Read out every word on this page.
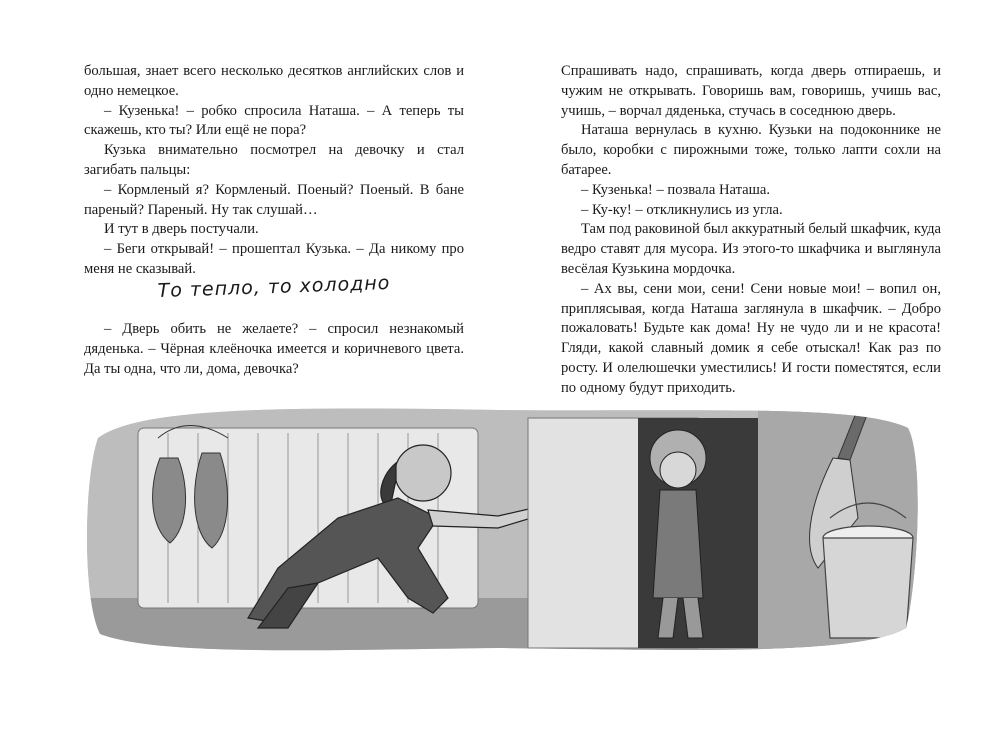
большая, знает всего несколько десятков английских слов и одно немецкое.

– Кузенька! – робко спросила Наташа. – А теперь ты скажешь, кто ты? Или ещё не пора?

Кузька внимательно посмотрел на девочку и стал загибать пальцы:

– Кормленый я? Кормленый. Поеный? Поеный. В бане пареный? Пареный. Ну так слушай…

И тут в дверь постучали.

– Беги открывай! – прошептал Кузька. – Да никому про меня не сказывай.

То тепло, то холодно

– Дверь обить не желаете? – спросил незнакомый дяденька. – Чёрная клеёночка имеется и коричневого цвета. Да ты одна, что ли, дома, девочка?

Спрашивать надо, спрашивать, когда дверь отпираешь, и чужим не открывать. Говоришь вам, говоришь, учишь вас, учишь, – ворчал дяденька, стучась в соседнюю дверь.

Наташа вернулась в кухню. Кузьки на подоконнике не было, коробки с пирожными тоже, только лапти сохли на батарее.

– Кузенька! – позвала Наташа.

– Ку-ку! – откликнулись из угла.

Там под раковиной был аккуратный белый шкафчик, куда ведро ставят для мусора. Из этого-то шкафчика и выглянула весёлая Кузькина мордочка.

– Ах вы, сени мои, сени! Сени новые мои! – вопил он, приплясывая, когда Наташа заглянула в шкафчик. – Добро пожаловать! Будьте как дома! Ну не чудо ли и не красота! Гляди, какой славный домик я себе отыскал! Как раз по росту. И олелюшечки уместились! И гости поместятся, если по одному будут приходить.
